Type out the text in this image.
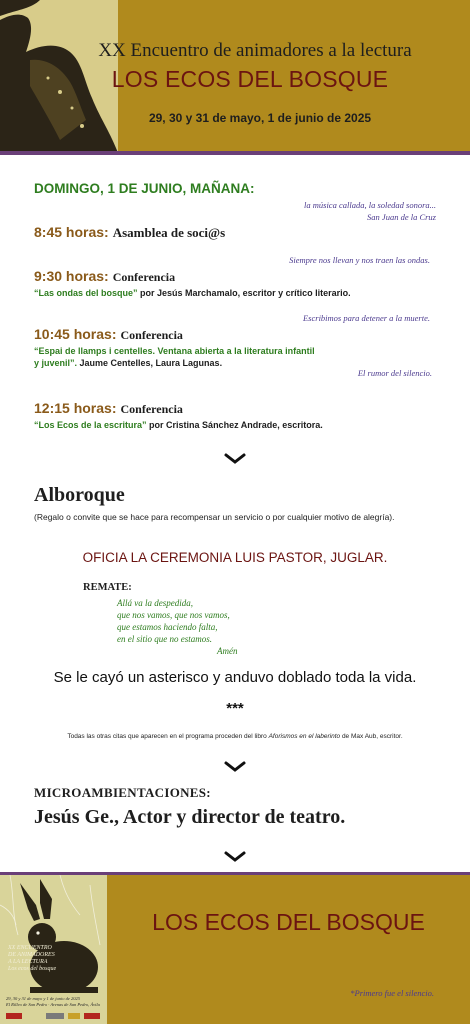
XX Encuentro de animadores a la lectura
LOS ECOS DEL BOSQUE
29, 30 y 31 de mayo, 1 de junio de 2025
DOMINGO, 1 DE JUNIO, MAÑANA:
la música callada, la soledad sonora...
San Juan de la Cruz
8:45 horas: Asamblea de soci@s
Siempre nos llevan y nos traen las ondas.
9:30 horas: Conferencia
“Las ondas del bosque” por Jesús Marchamalo, escritor y crítico literario.
Escribimos para detener a la muerte.
10:45 horas: Conferencia
“Espai de llamps i centelles. Ventana abierta a la literatura infantil
y juvenil”. Jaume Centelles, Laura Lagunas.
El rumor del silencio.
12:15 horas: Conferencia
“Los Ecos de la escritura” por Cristina Sánchez Andrade, escritora.
Alboroque
(Regalo o convite que se hace para recompensar un servicio o por cualquier motivo de alegría).
OFICIA LA CEREMONIA LUIS PASTOR, JUGLAR.
REMATE:
Allá va la despedida,
que nos vamos, que nos vamos,
que estamos haciendo falta,
en el sitio que no estamos.
Amén
Se le cayó un asterisco y anduvo doblado toda la vida.
***
Todas las otras citas que aparecen en el programa proceden del libro Aforismos en el laberinto de Max Aub, escritor.
MICROAMBIENTACIONES:
Jesús Ge., Actor y director de teatro.
XX ENCUENTRO
DE ANIMADORES
A LA LECTURA
Los ecos del bosque
29, 30 y 31 de mayo y 1 de junio de 2025
El Rilleo de San Pedro · Arenas de San Pedro, Ávila
LOS ECOS DEL BOSQUE
*Primero fue el silencio.
